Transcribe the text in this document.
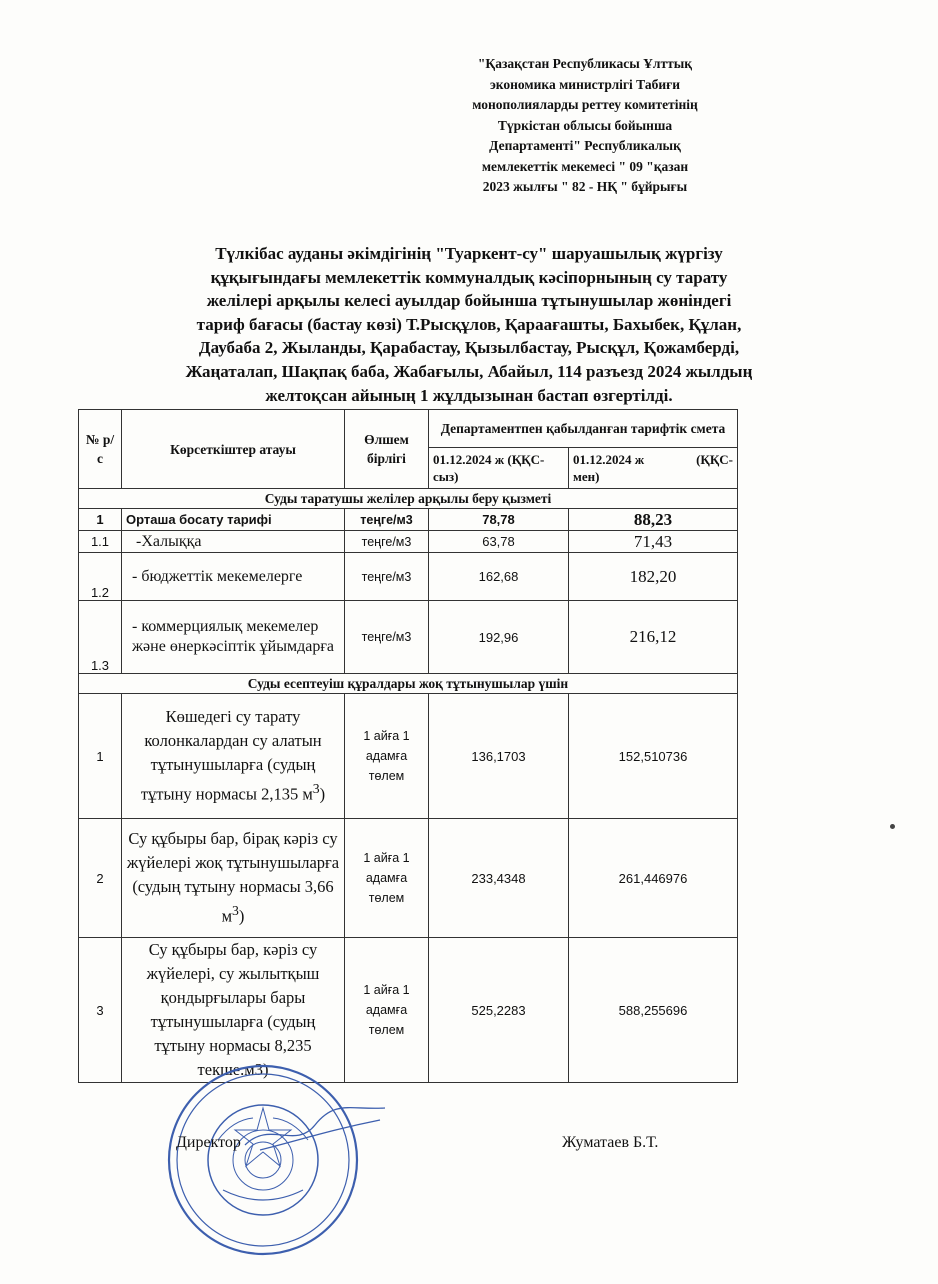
"Қазақстан Республикасы Ұлттық
экономика министрлігі Табиғи
монополияларды реттеу комитетінің
Түркістан облысы бойынша
Департаменті" Республикалық
мемлекеттік мекемесі " 09 "қазан
2023 жылғы " 82 - НҚ " бұйрығы
Түлкібас ауданы әкімдігінің "Туаркент-су" шаруашылық жүргізу
құқығындағы мемлекеттік коммуналдық кәсіпорнының су тарату
желілері арқылы келесі ауылдар бойынша тұтынушылар жөніндегі
тариф бағасы (бастау көзі) Т.Рысқұлов, Қараағашты, Бахыбек, Құлан,
Даубаба 2, Жыланды, Қарабастау, Қызылбастау, Рысқұл, Қожамберді,
Жаңаталап, Шақпақ баба, Жабағылы, Абайыл, 114 разъезд 2024 жылдың
желтоқсан айының 1 жұлдызынан бастап өзгертілді.
№ р/с	Көрсеткіштер атауы	Өлшем бірлігі	Департаментпен қабылданған тарифтік смета	
			01.12.2024 ж (ҚҚС- сыз)	01.12.2024 ж (ҚҚС-
мен)

Суды таратушы желілер арқылы беру қызметі				
1	Орташа босату тарифі	теңге/м3	78,78	88,23
1.1	-Халыққа	теңге/м3	63,78	71,43
1.2	- бюджеттік мекемелерге	теңге/м3	162,68	182,20
1.3	- коммерциялық мекемелер және өнеркәсіптік ұйымдарға	теңге/м3	192,96	216,12
Суды есептеуіш құралдары жоқ тұтынушылар үшін				
1	Көшедегі су тарату колонкалардан су алатын тұтынушыларға (судың тұтыну нормасы 2,135 $м^3$)	1 айға 1 адамға төлем	136,1703	152,510736
2	Су құбыры бар, бірақ кәріз су жүйелері жоқ тұтынушыларға (судың тұтыну нормасы 3,66 $м^3$)	1 айға 1 адамға төлем	233,4348	261,446976
3	Су құбыры бар, кәріз су жүйелері, су жылытқыш қондырғылары бары тұтынушыларға (судың тұтыну нормасы 8,235 текше.м3)	1 айға 1 адамға төлем	525,2283	588,255696
Директор	Жуматаев Б.Т.
